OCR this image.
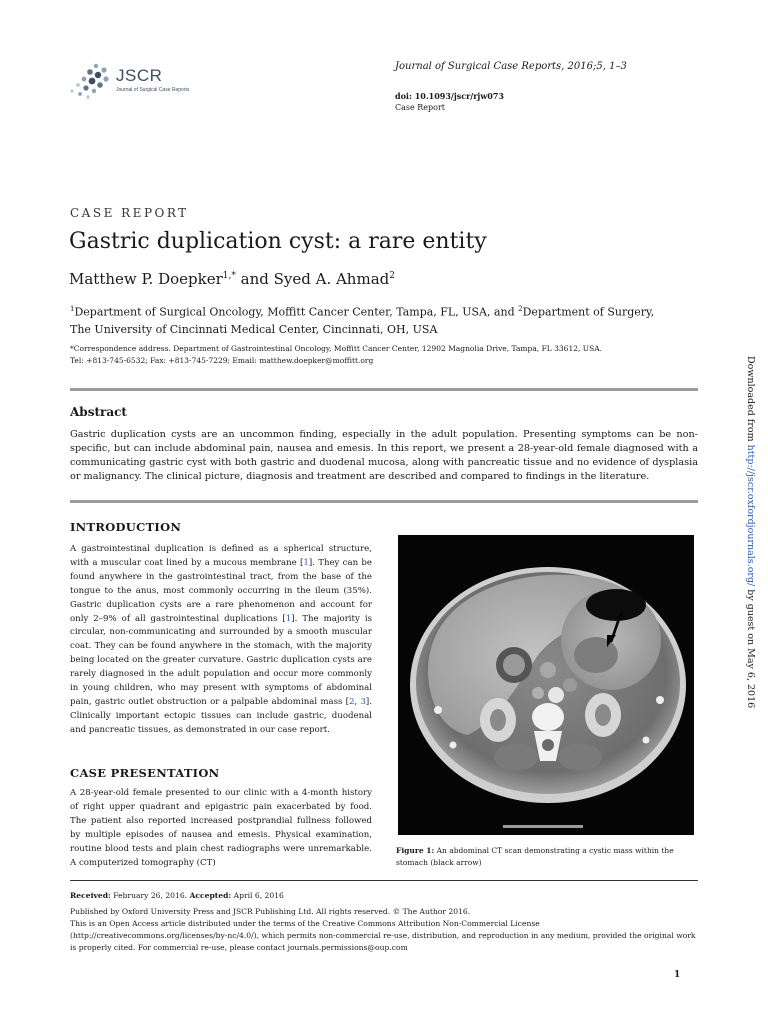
JSCR
Journal of Surgical Case Reports
Journal of Surgical Case Reports, 2016;5, 1–3
doi: 10.1093/jscr/rjw073
Case Report
CASE REPORT
Gastric duplication cyst: a rare entity
Matthew P. Doepker$^{1,*}$ and Syed A. Ahmad$^2$
$^1$Department of Surgical Oncology, Moffitt Cancer Center, Tampa, FL, USA, and $^2$Department of Surgery,
The University of Cincinnati Medical Center, Cincinnati, OH, USA
*Correspondence address. Department of Gastrointestinal Oncology, Moffitt Cancer Center, 12902 Magnolia Drive, Tampa, FL 33612, USA.
Tel: +813-745-6532; Fax: +813-745-7229; Email: matthew.doepker@moffitt.org
Abstract
Gastric duplication cysts are an uncommon finding, especially in the adult population. Presenting symptoms can be non-specific, but can include abdominal pain, nausea and emesis. In this report, we present a 28-year-old female diagnosed with a communicating gastric cyst with both gastric and duodenal mucosa, along with pancreatic tissue and no evidence of dysplasia or malignancy. The clinical picture, diagnosis and treatment are described and compared to findings in the literature.
INTRODUCTION
A gastrointestinal duplication is defined as a spherical structure, with a muscular coat lined by a mucous membrane [1]. They can be found anywhere in the gastrointestinal tract, from the base of the tongue to the anus, most commonly occurring in the ileum (35%). Gastric duplication cysts are a rare phenomenon and account for only 2–9% of all gastrointestinal duplications [1]. The majority is circular, non-communicating and surrounded by a smooth muscular coat. They can be found anywhere in the stomach, with the majority being located on the greater curvature. Gastric duplication cysts are rarely diagnosed in the adult population and occur more commonly in young children, who may present with symptoms of abdominal pain, gastric outlet obstruction or a palpable abdominal mass [2, 3]. Clinically important ectopic tissues can include gastric, duodenal and pancreatic tissues, as demonstrated in our case report.
CASE PRESENTATION
A 28-year-old female presented to our clinic with a 4-month history of right upper quadrant and epigastric pain exacerbated by food. The patient also reported increased postprandial fullness followed by multiple episodes of nausea and emesis. Physical examination, routine blood tests and plain chest radiographs were unremarkable. A computerized tomography (CT)
Figure 1: An abdominal CT scan demonstrating a cystic mass within the stomach (black arrow)
Received: February 26, 2016. Accepted: April 6, 2016
Published by Oxford University Press and JSCR Publishing Ltd. All rights reserved. © The Author 2016.
This is an Open Access article distributed under the terms of the Creative Commons Attribution Non-Commercial License (http://creativecommons.org/licenses/by-nc/4.0/), which permits non-commercial re-use, distribution, and reproduction in any medium, provided the original work is properly cited. For commercial re-use, please contact journals.permissions@oup.com
1
Downloaded from http://jscr.oxfordjournals.org/ by guest on May 6, 2016
